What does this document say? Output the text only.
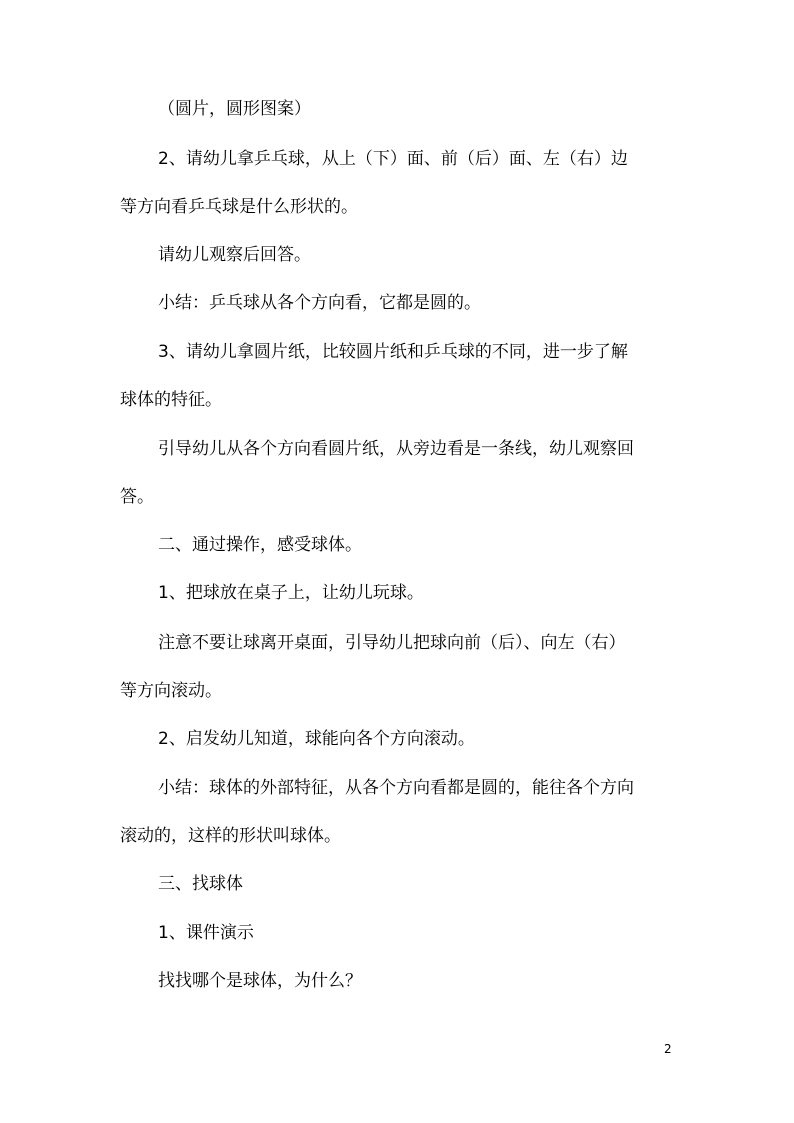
（圆片，圆形图案）
2、请幼儿拿乒乓球，从上（下）面、前（后）面、左（右）边
等方向看乒乓球是什么形状的。
请幼儿观察后回答。
小结：乒乓球从各个方向看，它都是圆的。
3、请幼儿拿圆片纸，比较圆片纸和乒乓球的不同，进一步了解
球体的特征。
引导幼儿从各个方向看圆片纸，从旁边看是一条线，幼儿观察回
答。
二、通过操作，感受球体。
1、把球放在桌子上，让幼儿玩球。
注意不要让球离开桌面，引导幼儿把球向前（后）、向左（右）
等方向滚动。
2、启发幼儿知道，球能向各个方向滚动。
小结：球体的外部特征，从各个方向看都是圆的，能往各个方向
滚动的，这样的形状叫球体。
三、找球体
1、课件演示
找找哪个是球体，为什么？
2
